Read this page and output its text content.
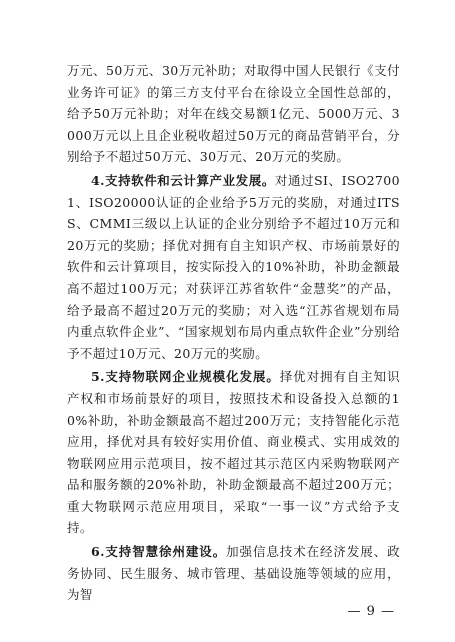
万元、50万元、30万元补助；对取得中国人民银行《支付业务许可证》的第三方支付平台在徐设立全国性总部的，给予50万元补助；对年在线交易额1亿元、5000万元、3000万元以上且企业税收超过50万元的商品营销平台，分别给予不超过50万元、30万元、20万元的奖励。

4.支持软件和云计算产业发展。对通过SI、ISO27001、ISO20000认证的企业给予5万元的奖励，对通过ITSS、CMMI三级以上认证的企业分别给予不超过10万元和20万元的奖励；择优对拥有自主知识产权、市场前景好的软件和云计算项目，按实际投入的10%补助，补助金额最高不超过100万元；对获评江苏省软件“金慧奖”的产品，给予最高不超过20万元的奖励；对入选“江苏省规划布局内重点软件企业”、“国家规划布局内重点软件企业”分别给予不超过10万元、20万元的奖励。

5.支持物联网企业规模化发展。择优对拥有自主知识产权和市场前景好的项目，按照技术和设备投入总额的10%补助，补助金额最高不超过200万元；支持智能化示范应用，择优对具有较好实用价值、商业模式、实用成效的物联网应用示范项目，按不超过其示范区内采购物联网产品和服务额的20%补助，补助金额最高不超过200万元；重大物联网示范应用项目，采取“一事一议”方式给予支持。

6.支持智慧徐州建设。加强信息技术在经济发展、政务协同、民生服务、城市管理、基础设施等领域的应用，为智

— 9 —
